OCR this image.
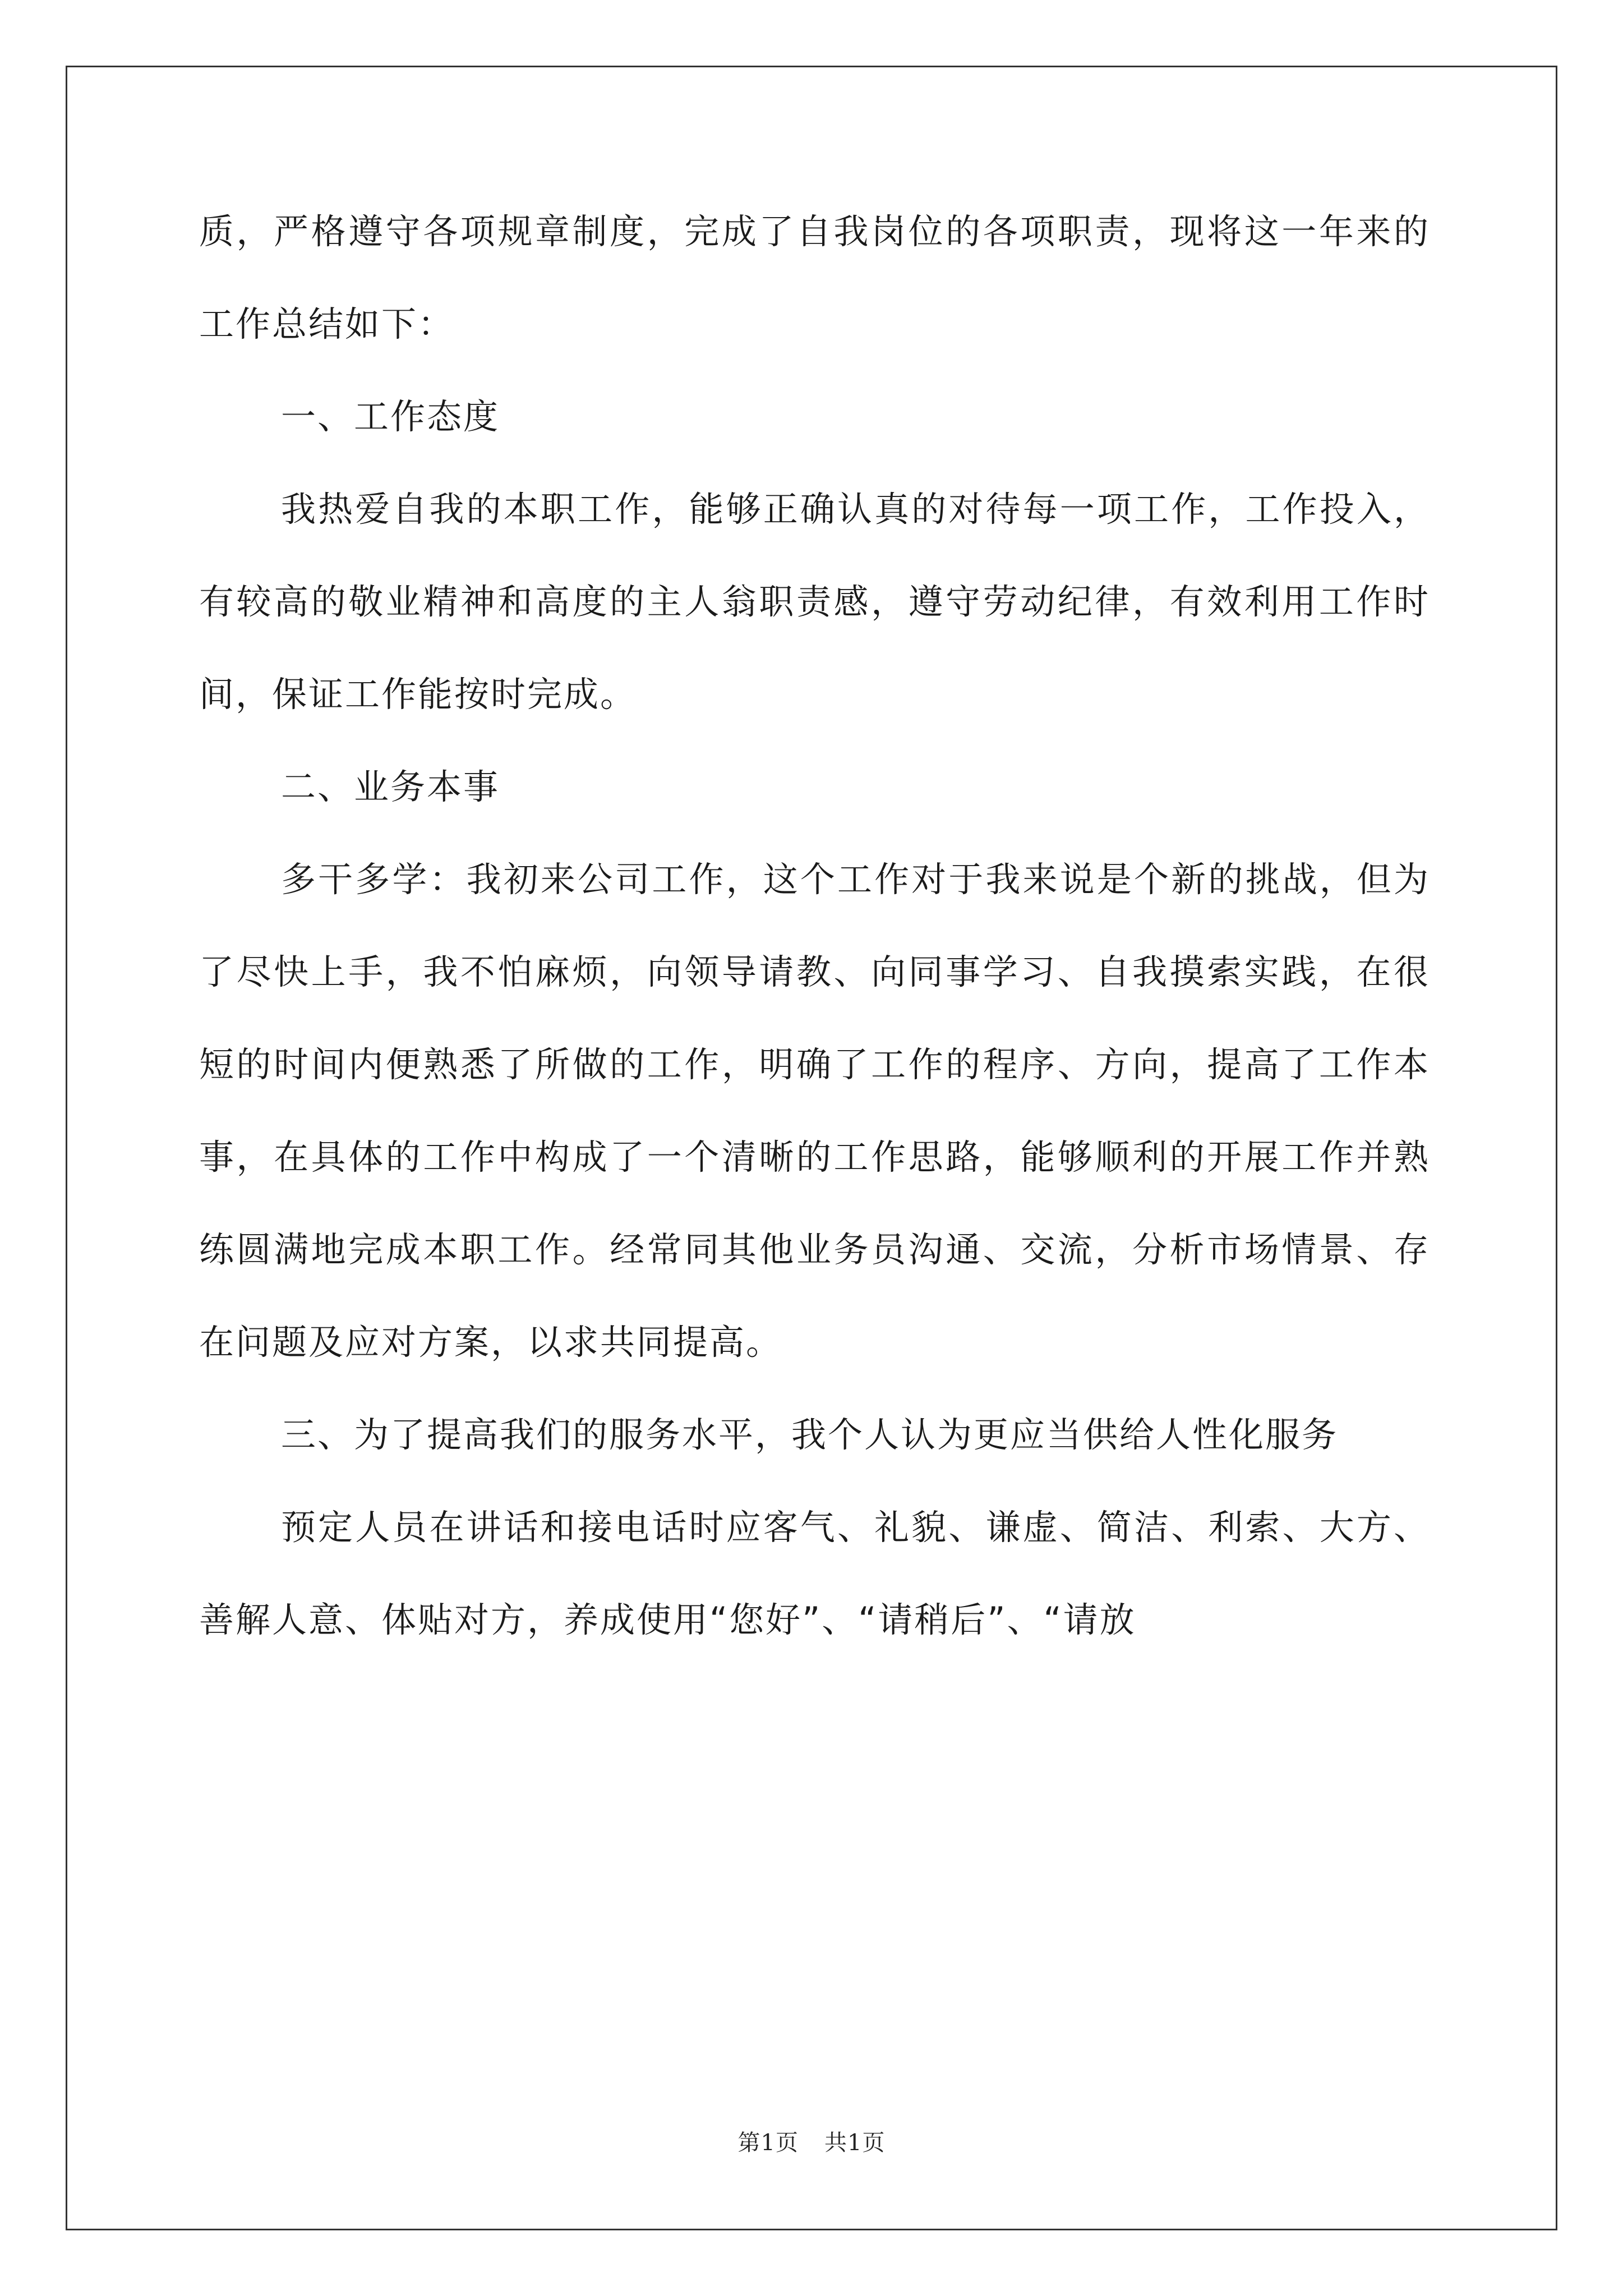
质，严格遵守各项规章制度，完成了自我岗位的各项职责，现将这一年来的工作总结如下：

一、工作态度

我热爱自我的本职工作，能够正确认真的对待每一项工作，工作投入，有较高的敬业精神和高度的主人翁职责感，遵守劳动纪律，有效利用工作时间，保证工作能按时完成。

二、业务本事

多干多学：我初来公司工作，这个工作对于我来说是个新的挑战，但为了尽快上手，我不怕麻烦，向领导请教、向同事学习、自我摸索实践，在很短的时间内便熟悉了所做的工作，明确了工作的程序、方向，提高了工作本事，在具体的工作中构成了一个清晰的工作思路，能够顺利的开展工作并熟练圆满地完成本职工作。经常同其他业务员沟通、交流，分析市场情景、存在问题及应对方案，以求共同提高。

三、为了提高我们的服务水平，我个人认为更应当供给人性化服务

预定人员在讲话和接电话时应客气、礼貌、谦虚、简洁、利索、大方、善解人意、体贴对方，养成使用“您好”、“请稍后”、“请放

第1页 共1页
